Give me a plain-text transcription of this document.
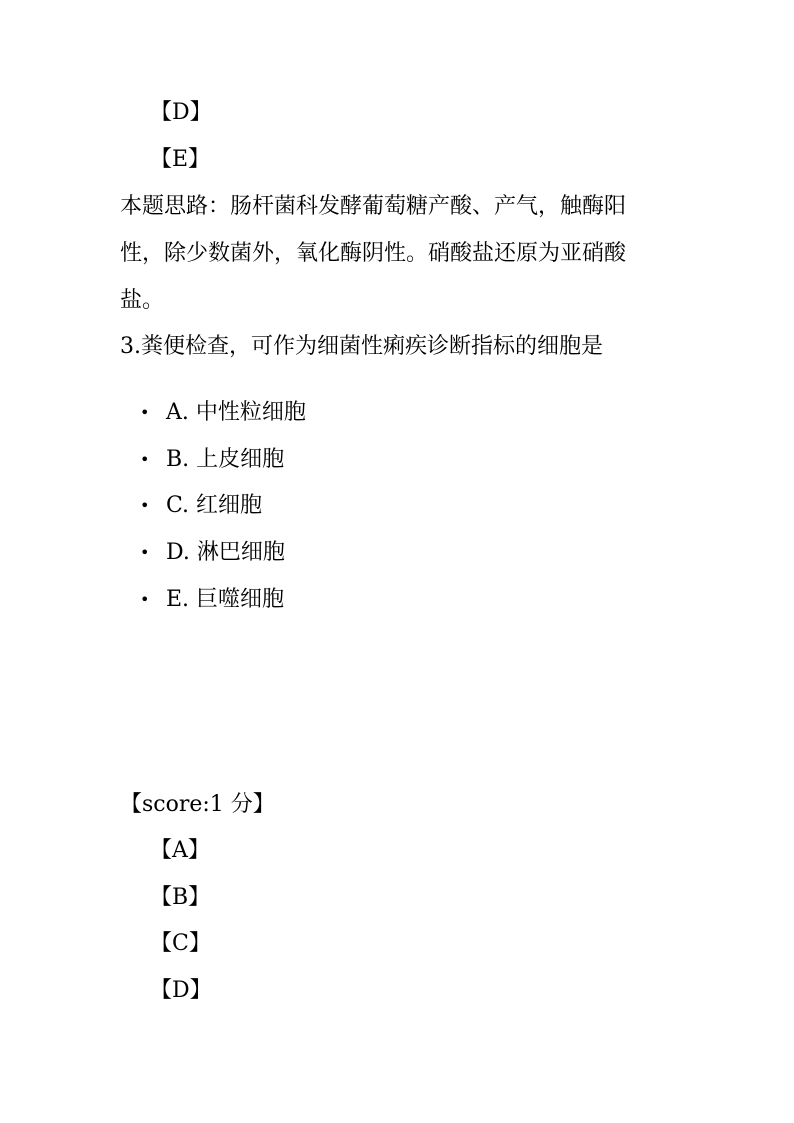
【D】
【E】
本题思路：肠杆菌科发酵葡萄糖产酸、产气，触酶阳
性，除少数菌外，氧化酶阴性。硝酸盐还原为亚硝酸
盐。
3.粪便检查，可作为细菌性痢疾诊断指标的细胞是
• A. 中性粒细胞
• B. 上皮细胞
• C. 红细胞
• D. 淋巴细胞
• E. 巨噬细胞
【score:1 分】
【A】
【B】
【C】
【D】
